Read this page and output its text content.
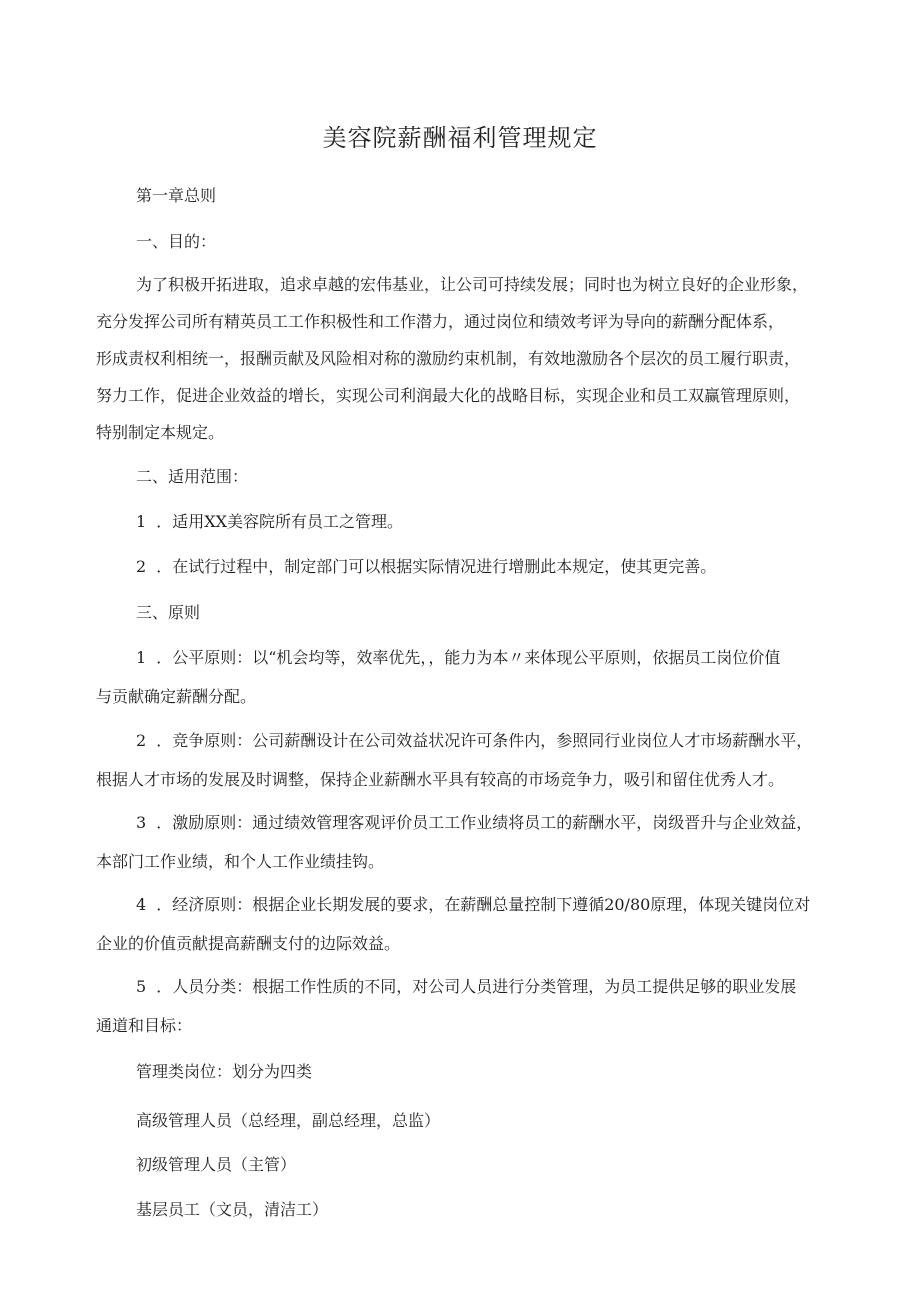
美容院薪酬福利管理规定
第一章总则
一、目的：
为了积极开拓进取，追求卓越的宏伟基业，让公司可持续发展；同时也为树立良好的企业形象，
充分发挥公司所有精英员工工作积极性和工作潜力，通过岗位和绩效考评为导向的薪酬分配体系，
形成责权利相统一，报酬贡献及风险相对称的激励约束机制，有效地激励各个层次的员工履行职责，
努力工作，促进企业效益的增长，实现公司利润最大化的战略目标，实现企业和员工双赢管理原则，
特别制定本规定。
二、适用范围：
1 ．适用XX美容院所有员工之管理。
2 ．在试行过程中，制定部门可以根据实际情况进行增删此本规定，使其更完善。
三、原则
1 ．公平原则：以“机会均等，效率优先，，能力为本〃来体现公平原则，依据员工岗位价值
与贡献确定薪酬分配。
2 ．竞争原则：公司薪酬设计在公司效益状况许可条件内，参照同行业岗位人才市场薪酬水平，
根据人才市场的发展及时调整，保持企业薪酬水平具有较高的市场竞争力，吸引和留住优秀人才。
3 ．激励原则：通过绩效管理客观评价员工工作业绩将员工的薪酬水平，岗级晋升与企业效益，
本部门工作业绩，和个人工作业绩挂钩。
4 ．经济原则：根据企业长期发展的要求，在薪酬总量控制下遵循20/80原理，体现关键岗位对
企业的价值贡献提高薪酬支付的边际效益。
5 ．人员分类：根据工作性质的不同，对公司人员进行分类管理，为员工提供足够的职业发展
通道和目标：
管理类岗位：划分为四类
高级管理人员（总经理，副总经理，总监）
初级管理人员（主管）
基层员工（文员，清洁工）
